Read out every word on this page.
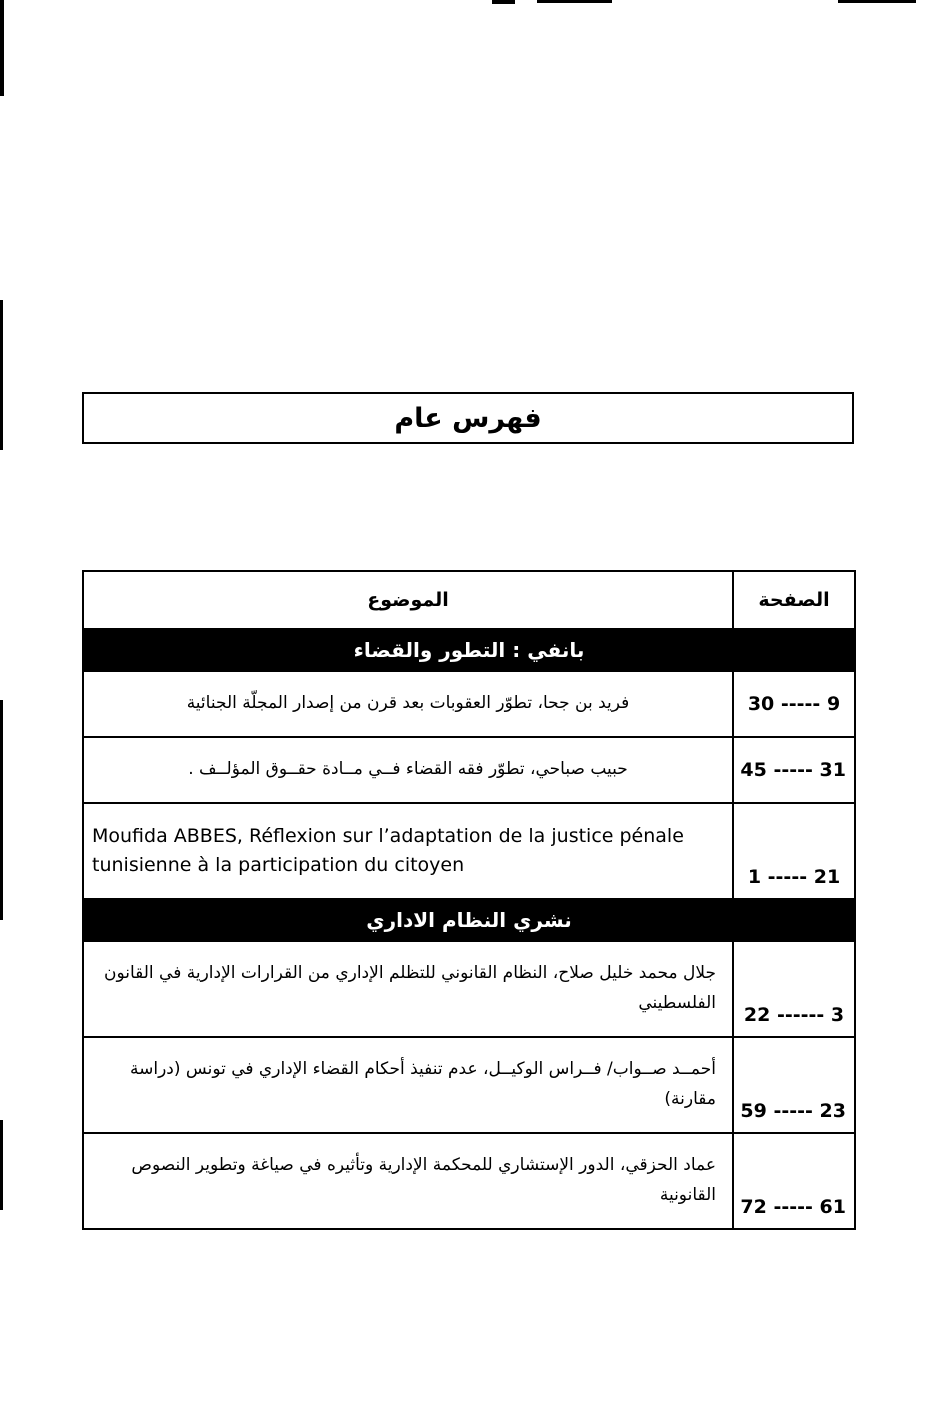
فهرس عام
الصفحة	الموضوع
بانفي : التطور والقضاء	
9 ----- 30	فريد بن جحا، تطوّر العقوبات بعد قرن من إصدار المجلّة الجنائية
31 ----- 45	حبيب صباحي، تطوّر فقه القضاء فــي مــادة حقــوق المؤلــف .
21 ----- 1	Moufida ABBES, Réflexion sur l’adaptation de la justice pénale tunisienne à la participation du citoyen
نشري النظام الاداري	
3 ------ 22	جلال محمد خليل صلاح، النظام القانوني للتظلم الإداري من القرارات الإدارية في القانون الفلسطيني
23 ----- 59	أحمــد صــواب/ فــراس الوكيــل، عدم تنفيذ أحكام القضاء الإداري في تونس (دراسة مقارنة)
61 ----- 72	عماد الحزقي، الدور الإستشاري للمحكمة الإدارية وتأثيره في صياغة وتطوير النصوص القانونية
